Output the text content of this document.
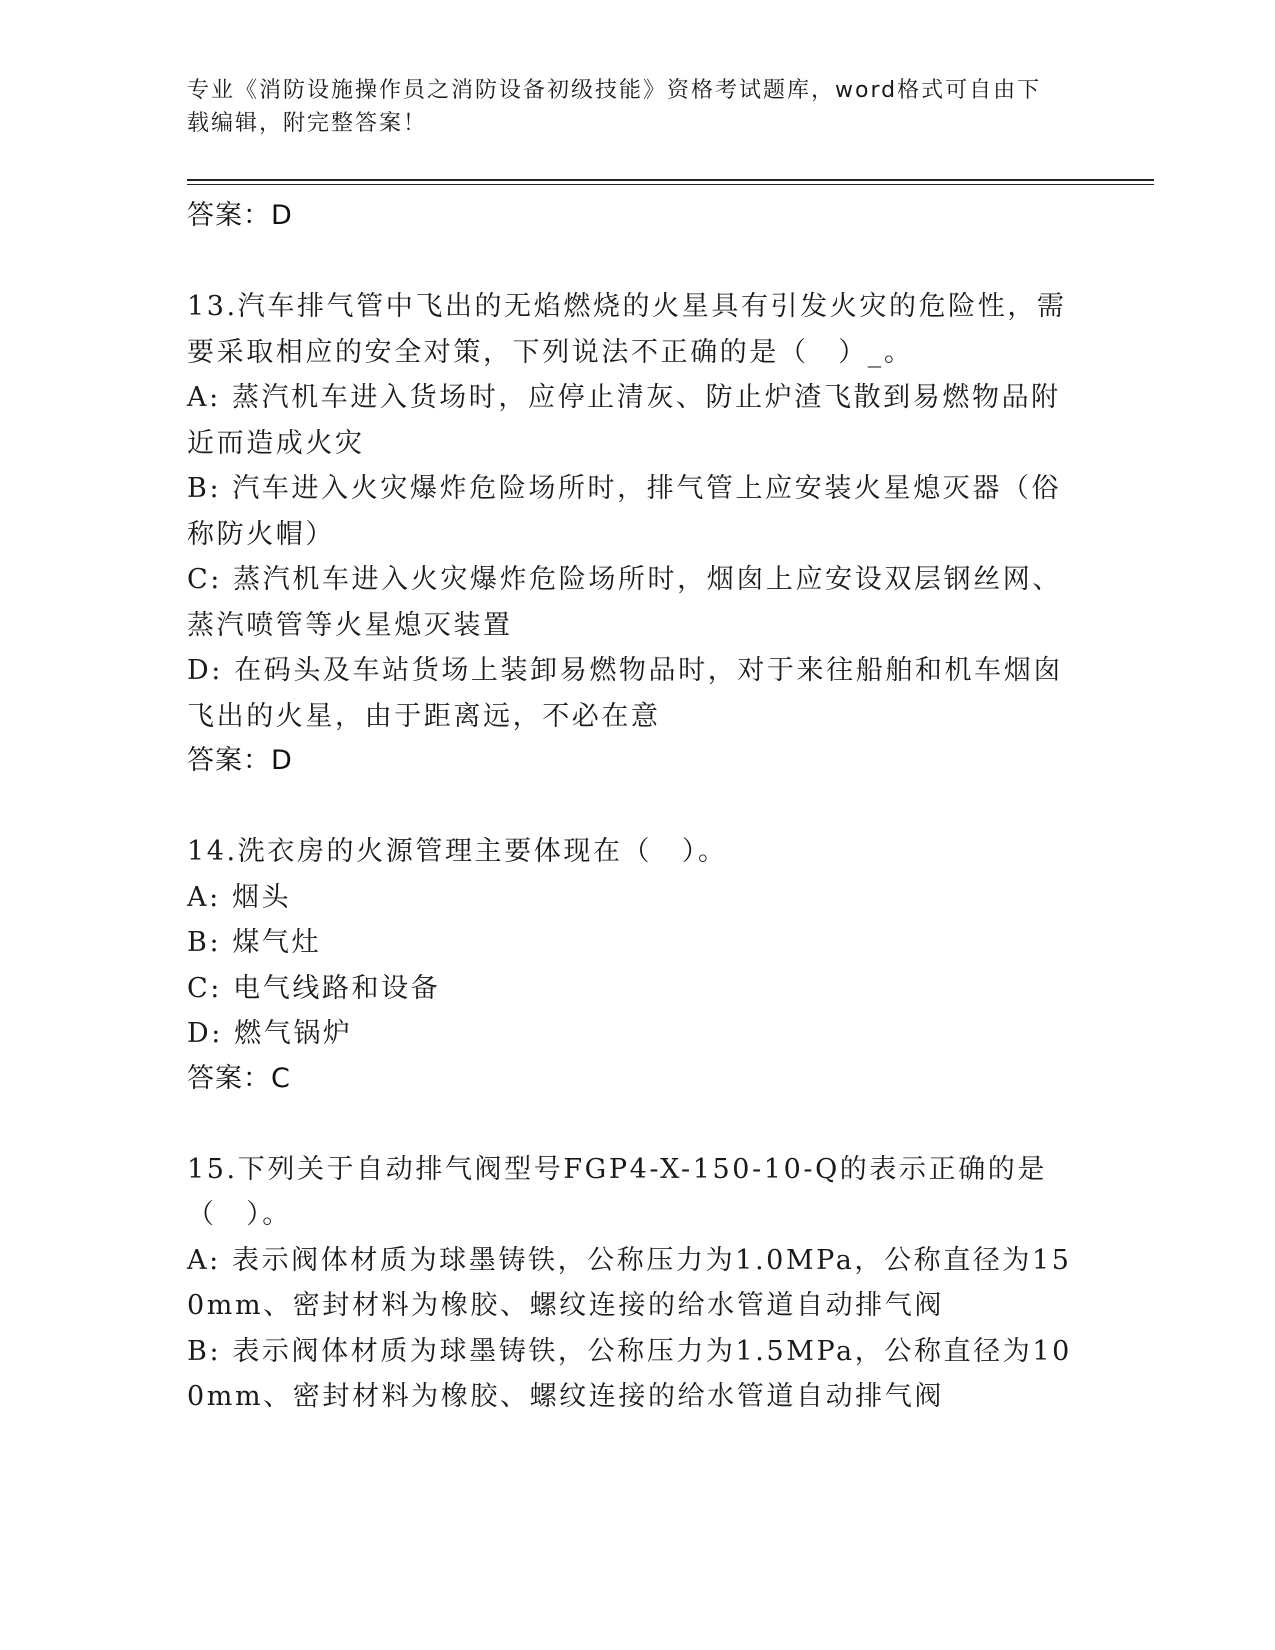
专业《消防设施操作员之消防设备初级技能》资格考试题库，word格式可自由下
载编辑，附完整答案！
答案：D
13.汽车排气管中飞出的无焰燃烧的火星具有引发火灾的危险性，需要采取相应的安全对策，下列说法不正确的是（　）_。
A: 蒸汽机车进入货场时，应停止清灰、防止炉渣飞散到易燃物品附近而造成火灾
B: 汽车进入火灾爆炸危险场所时，排气管上应安装火星熄灭器（俗称防火帽）
C: 蒸汽机车进入火灾爆炸危险场所时，烟囱上应安设双层钢丝网、蒸汽喷管等火星熄灭装置
D: 在码头及车站货场上装卸易燃物品时，对于来往船舶和机车烟囱飞出的火星，由于距离远，不必在意
答案：D
14.洗衣房的火源管理主要体现在（　）。
A: 烟头
B: 煤气灶
C: 电气线路和设备
D: 燃气锅炉
答案：C
15.下列关于自动排气阀型号FGP4-X-150-10-Q的表示正确的是（　）。
A: 表示阀体材质为球墨铸铁，公称压力为1.0MPa，公称直径为150mm、密封材料为橡胶、螺纹连接的给水管道自动排气阀
B: 表示阀体材质为球墨铸铁，公称压力为1.5MPa，公称直径为100mm、密封材料为橡胶、螺纹连接的给水管道自动排气阀
